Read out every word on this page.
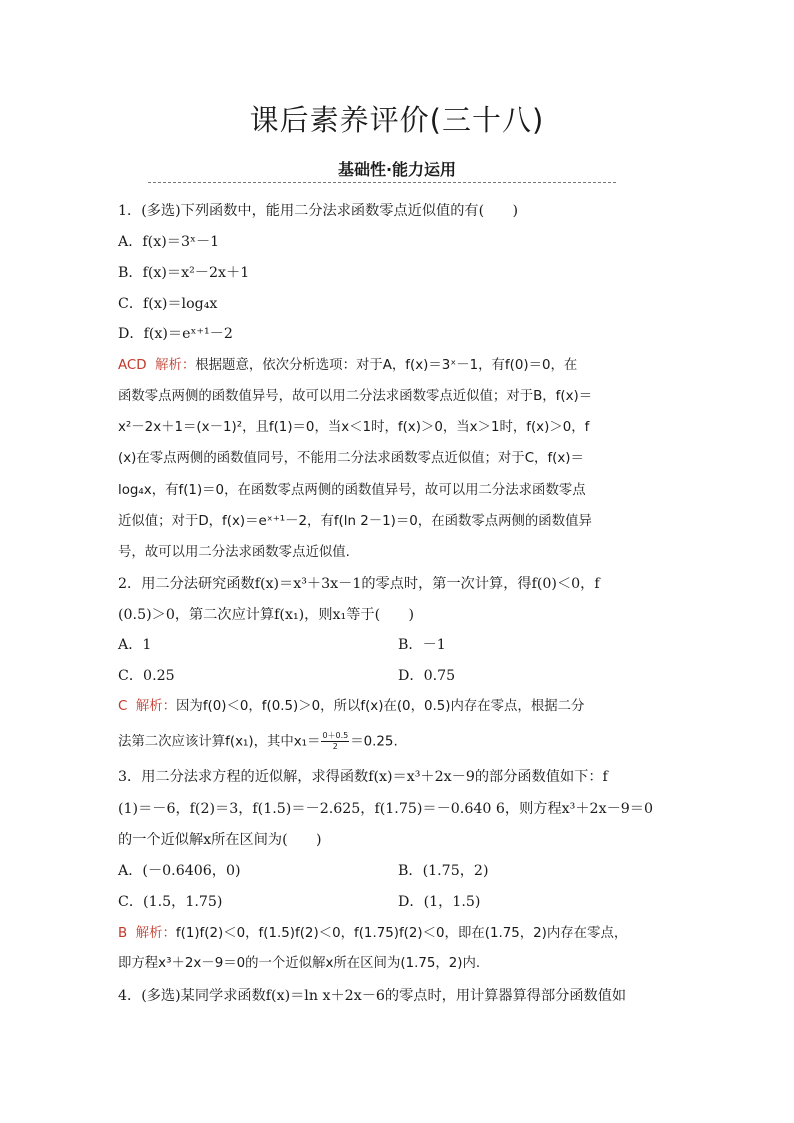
课后素养评价(三十八)
基础性·能力运用
1．(多选)下列函数中，能用二分法求函数零点近似值的有(　　)
A．f(x)＝3ˣ－1
B．f(x)＝x²－2x＋1
C．f(x)＝log₄x
D．f(x)＝eˣ⁺¹－2
ACD 解析：根据题意，依次分析选项：对于A，f(x)＝3ˣ－1，有f(0)＝0，在
函数零点两侧的函数值异号，故可以用二分法求函数零点近似值；对于B，f(x)＝
x²－2x＋1＝(x－1)²，且f(1)＝0，当x＜1时，f(x)＞0，当x＞1时，f(x)＞0，f
(x)在零点两侧的函数值同号，不能用二分法求函数零点近似值；对于C，f(x)＝
log₄x，有f(1)＝0，在函数零点两侧的函数值异号，故可以用二分法求函数零点
近似值；对于D，f(x)＝eˣ⁺¹－2，有f(ln 2－1)＝0，在函数零点两侧的函数值异
号，故可以用二分法求函数零点近似值.
2．用二分法研究函数f(x)＝x³＋3x－1的零点时，第一次计算，得f(0)＜0，f
(0.5)＞0，第二次应计算f(x₁)，则x₁等于(　　)
A．1	B．－1
C．0.25	D．0.75
C 解析：因为f(0)＜0，f(0.5)＞0，所以f(x)在(0，0.5)内存在零点，根据二分
法第二次应该计算f(x₁)，其中$x_1= \frac{0+0.5}{2} =0.25$.
3．用二分法求方程的近似解，求得函数f(x)＝x³＋2x－9的部分函数值如下：f
(1)＝－6，f(2)＝3，f(1.5)＝－2.625，f(1.75)＝－0.640 6，则方程x³＋2x－9＝0
的一个近似解x所在区间为(　　)
A．(－0.6406，0)	B．(1.75，2)
C．(1.5，1.75)	D．(1，1.5)
B 解析：f(1)f(2)＜0，f(1.5)f(2)＜0，f(1.75)f(2)＜0，即在(1.75，2)内存在零点，
即方程x³＋2x－9＝0的一个近似解x所在区间为(1.75，2)内.
4．(多选)某同学求函数f(x)＝ln x＋2x－6的零点时，用计算器算得部分函数值如
